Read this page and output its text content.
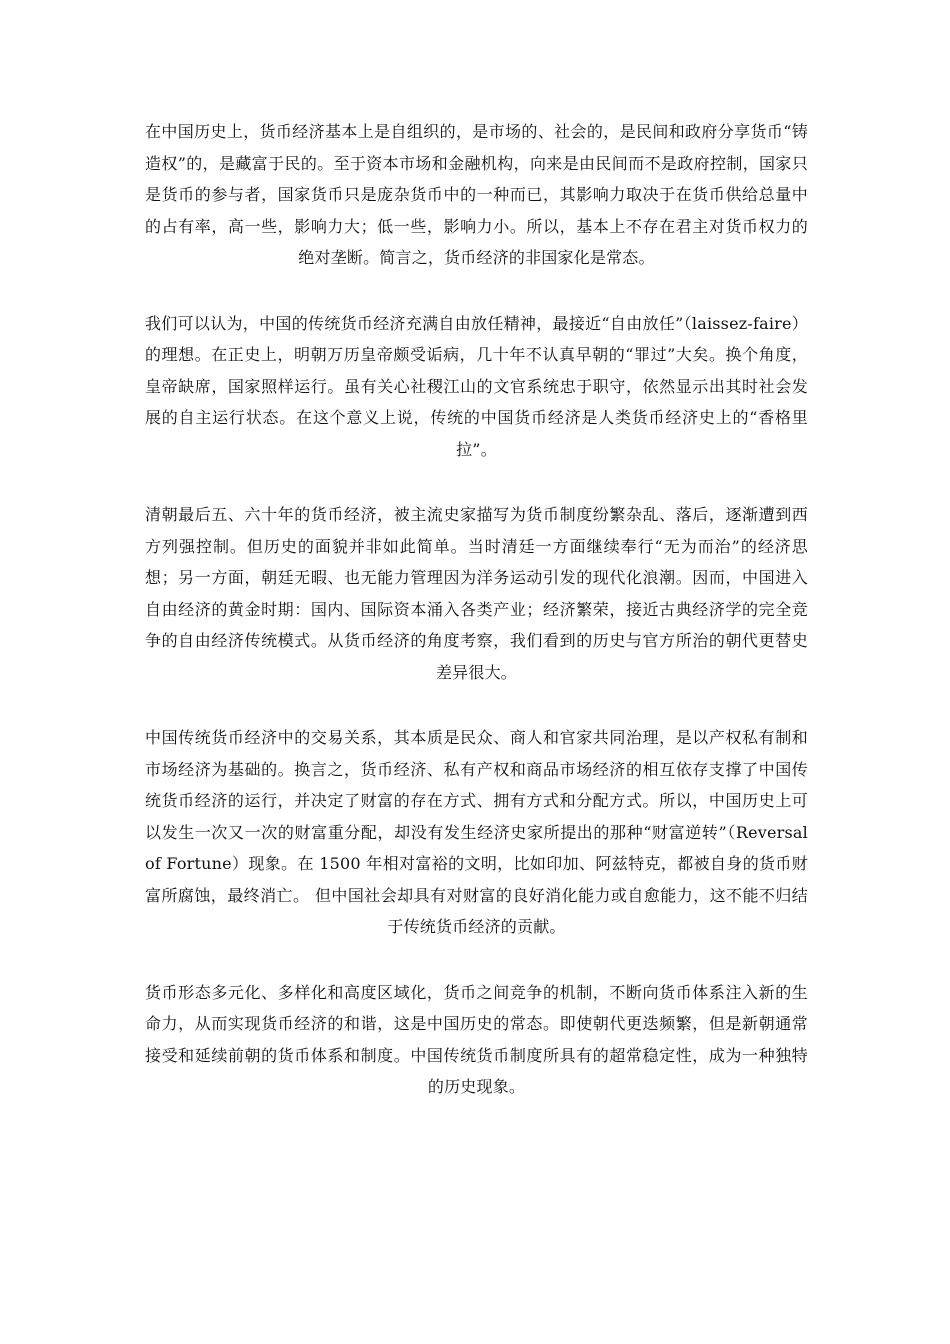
在中国历史上，货币经济基本上是自组织的，是市场的、社会的，是民间和政府分享货币“铸造权”的，是藏富于民的。至于资本市场和金融机构，向来是由民间而不是政府控制，国家只是货币的参与者，国家货币只是庞杂货币中的一种而已，其影响力取决于在货币供给总量中的占有率，高一些，影响力大；低一些，影响力小。所以，基本上不存在君主对货币权力的绝对垄断。简言之，货币经济的非国家化是常态。

我们可以认为，中国的传统货币经济充满自由放任精神，最接近“自由放任”（laissez-faire）的理想。在正史上，明朝万历皇帝颇受诟病，几十年不认真早朝的“罪过”大矣。换个角度，皇帝缺席，国家照样运行。虽有关心社稷江山的文官系统忠于职守，依然显示出其时社会发展的自主运行状态。在这个意义上说，传统的中国货币经济是人类货币经济史上的“香格里拉”。

清朝最后五、六十年的货币经济，被主流史家描写为货币制度纷繁杂乱、落后，逐渐遭到西方列强控制。但历史的面貌并非如此简单。当时清廷一方面继续奉行“无为而治”的经济思想；另一方面，朝廷无暇、也无能力管理因为洋务运动引发的现代化浪潮。因而，中国进入自由经济的黄金时期：国内、国际资本涌入各类产业；经济繁荣，接近古典经济学的完全竞争的自由经济传统模式。从货币经济的角度考察，我们看到的历史与官方所治的朝代更替史差异很大。

中国传统货币经济中的交易关系，其本质是民众、商人和官家共同治理，是以产权私有制和市场经济为基础的。换言之，货币经济、私有产权和商品市场经济的相互依存支撑了中国传统货币经济的运行，并决定了财富的存在方式、拥有方式和分配方式。所以，中国历史上可以发生一次又一次的财富重分配，却没有发生经济史家所提出的那种“财富逆转”（Reversal of Fortune）现象。在 1500 年相对富裕的文明，比如印加、阿兹特克，都被自身的货币财富所腐蚀，最终消亡。 但中国社会却具有对财富的良好消化能力或自愈能力，这不能不归结于传统货币经济的贡献。

货币形态多元化、多样化和高度区域化，货币之间竞争的机制，不断向货币体系注入新的生命力，从而实现货币经济的和谐，这是中国历史的常态。即使朝代更迭频繁，但是新朝通常接受和延续前朝的货币体系和制度。中国传统货币制度所具有的超常稳定性，成为一种独特的历史现象。
